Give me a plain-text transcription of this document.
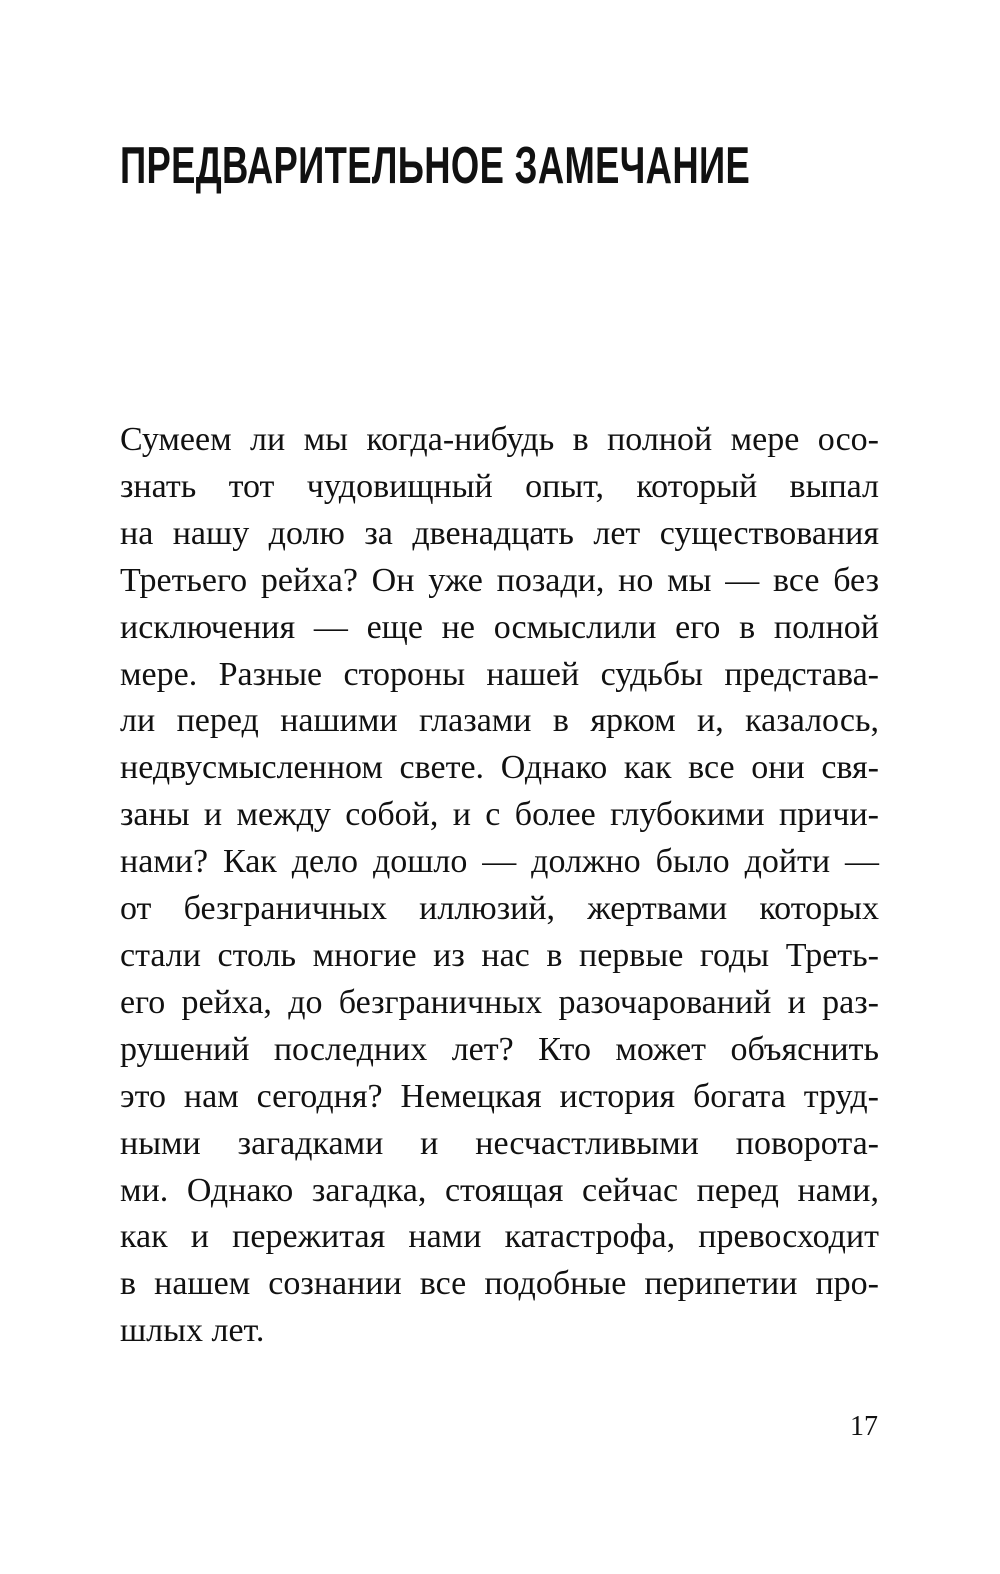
ПРЕДВАРИТЕЛЬНОЕ ЗАМЕЧАНИЕ
Сумеем ли мы когда-нибудь в полной мере осо-
знать тот чудовищный опыт, который выпал
на нашу долю за двенадцать лет существования
Третьего рейха? Он уже позади, но мы — все без
исключения — еще не осмыслили его в полной
мере. Разные стороны нашей судьбы представа-
ли перед нашими глазами в ярком и, казалось,
недвусмысленном свете. Однако как все они свя-
заны и между собой, и с более глубокими причи-
нами? Как дело дошло — должно было дойти —
от безграничных иллюзий, жертвами которых
стали столь многие из нас в первые годы Треть-
его рейха, до безграничных разочарований и раз-
рушений последних лет? Кто может объяснить
это нам сегодня? Немецкая история богата труд-
ными загадками и несчастливыми поворота-
ми. Однако загадка, стоящая сейчас перед нами,
как и пережитая нами катастрофа, превосходит
в нашем сознании все подобные перипетии про-
шлых лет.

17
